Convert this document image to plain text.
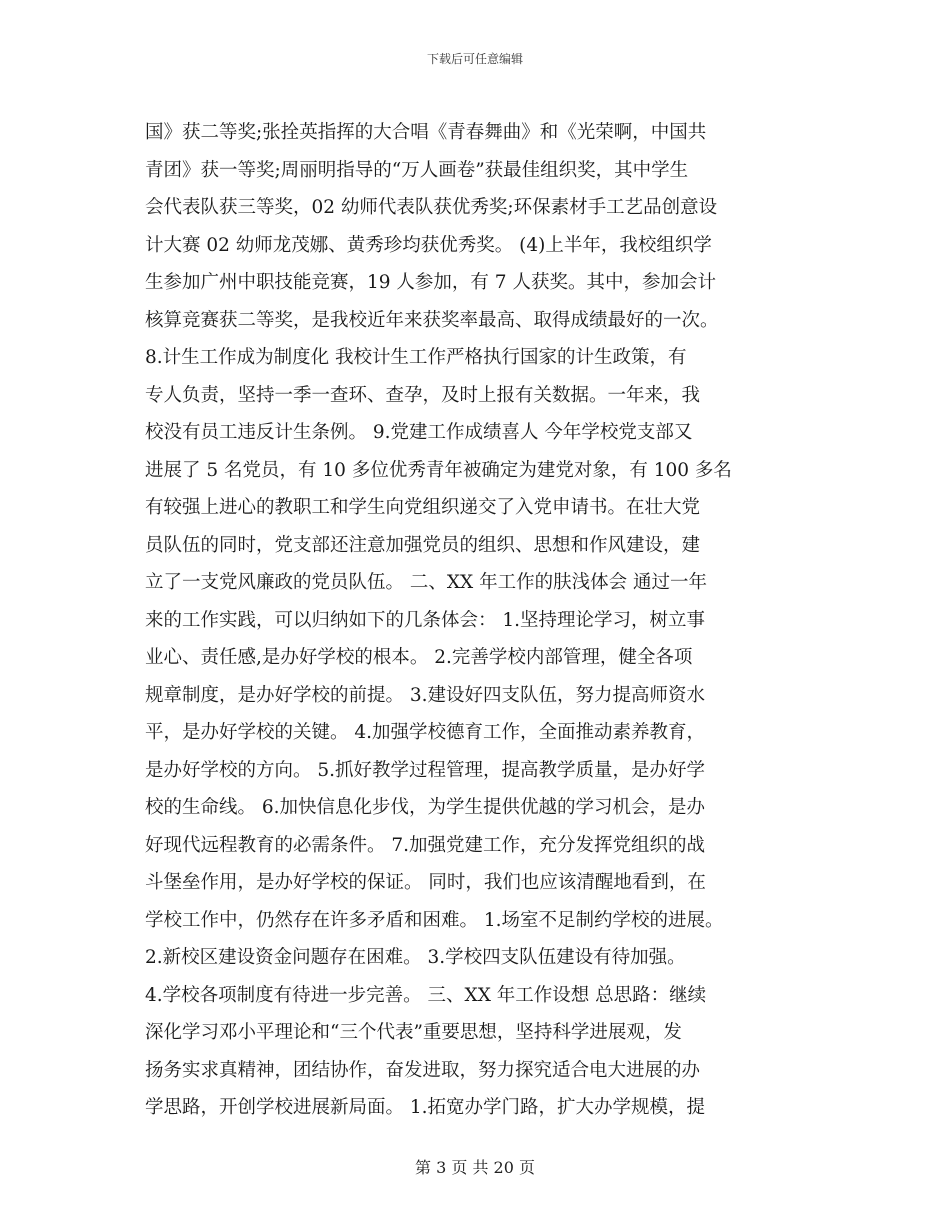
下载后可任意编辑
国》获二等奖;张拴英指挥的大合唱《青春舞曲》和《光荣啊，中国共
青团》获一等奖;周丽明指导的“万人画卷”获最佳组织奖，其中学生
会代表队获三等奖，02 幼师代表队获优秀奖;环保素材手工艺品创意设
计大赛 02 幼师龙茂娜、黄秀珍均获优秀奖。 (4)上半年，我校组织学
生参加广州中职技能竞赛，19 人参加，有 7 人获奖。其中，参加会计
核算竞赛获二等奖，是我校近年来获奖率最高、取得成绩最好的一次。
8.计生工作成为制度化 我校计生工作严格执行国家的计生政策，有
专人负责，坚持一季一查环、查孕，及时上报有关数据。一年来，我
校没有员工违反计生条例。 9.党建工作成绩喜人 今年学校党支部又
进展了 5 名党员，有 10 多位优秀青年被确定为建党对象，有 100 多名
有较强上进心的教职工和学生向党组织递交了入党申请书。在壮大党
员队伍的同时，党支部还注意加强党员的组织、思想和作风建设，建
立了一支党风廉政的党员队伍。 二、XX 年工作的肤浅体会 通过一年
来的工作实践，可以归纳如下的几条体会： 1.坚持理论学习，树立事
业心、责任感,是办好学校的根本。 2.完善学校内部管理，健全各项
规章制度，是办好学校的前提。 3.建设好四支队伍，努力提高师资水
平，是办好学校的关键。 4.加强学校德育工作，全面推动素养教育，
是办好学校的方向。 5.抓好教学过程管理，提高教学质量，是办好学
校的生命线。 6.加快信息化步伐，为学生提供优越的学习机会，是办
好现代远程教育的必需条件。 7.加强党建工作，充分发挥党组织的战
斗堡垒作用，是办好学校的保证。 同时，我们也应该清醒地看到，在
学校工作中，仍然存在许多矛盾和困难。 1.场室不足制约学校的进展。
2.新校区建设资金问题存在困难。 3.学校四支队伍建设有待加强。
4.学校各项制度有待进一步完善。 三、XX 年工作设想 总思路：继续
深化学习邓小平理论和“三个代表”重要思想，坚持科学进展观，发
扬务实求真精神，团结协作，奋发进取，努力探究适合电大进展的办
学思路，开创学校进展新局面。 1.拓宽办学门路，扩大办学规模，提
第 3 页 共 20 页
